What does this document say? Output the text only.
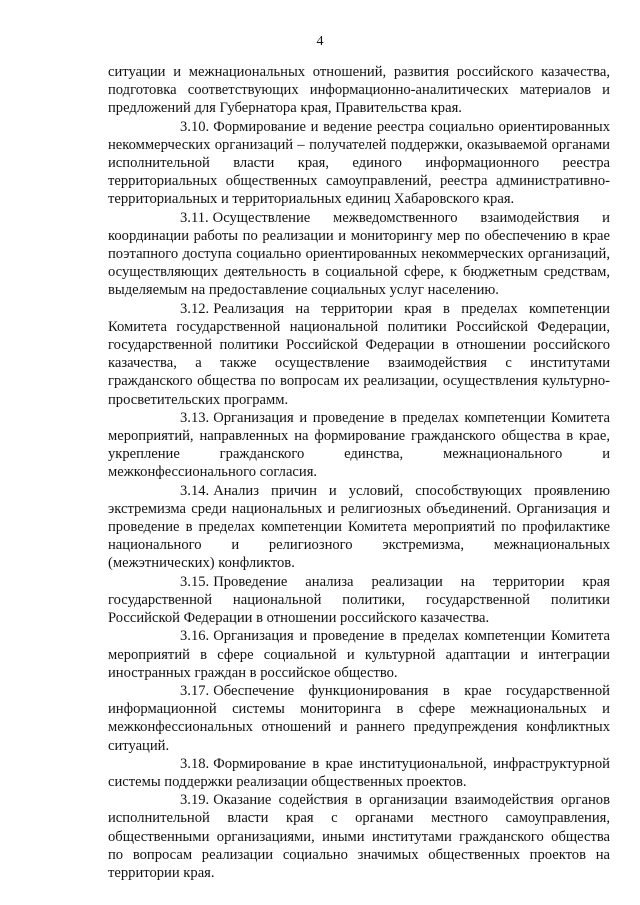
4

ситуации и межнациональных отношений, развития российского казачества, подготовка соответствующих информационно-аналитических материалов и предложений для Губернатора края, Правительства края.

3.10. Формирование и ведение реестра социально ориентированных некоммерческих организаций – получателей поддержки, оказываемой органами исполнительной власти края, единого информационного реестра территориальных общественных самоуправлений, реестра административно-территориальных и территориальных единиц Хабаровского края.

3.11. Осуществление межведомственного взаимодействия и координации работы по реализации и мониторингу мер по обеспечению в крае поэтапного доступа социально ориентированных некоммерческих организаций, осуществляющих деятельность в социальной сфере, к бюджетным средствам, выделяемым на предоставление социальных услуг населению.

3.12. Реализация на территории края в пределах компетенции Комитета государственной национальной политики Российской Федерации, государственной политики Российской Федерации в отношении российского казачества, а также осуществление взаимодействия с институтами гражданского общества по вопросам их реализации, осуществления культурно-просветительских программ.

3.13. Организация и проведение в пределах компетенции Комитета мероприятий, направленных на формирование гражданского общества в крае, укрепление гражданского единства, межнационального и межконфессионального согласия.

3.14. Анализ причин и условий, способствующих проявлению экстремизма среди национальных и религиозных объединений. Организация и проведение в пределах компетенции Комитета мероприятий по профилактике национального и религиозного экстремизма, межнациональных (межэтнических) конфликтов.

3.15. Проведение анализа реализации на территории края государственной национальной политики, государственной политики Российской Федерации в отношении российского казачества.

3.16. Организация и проведение в пределах компетенции Комитета мероприятий в сфере социальной и культурной адаптации и интеграции иностранных граждан в российское общество.

3.17. Обеспечение функционирования в крае государственной информационной системы мониторинга в сфере межнациональных и межконфессиональных отношений и раннего предупреждения конфликтных ситуаций.

3.18. Формирование в крае институциональной, инфраструктурной системы поддержки реализации общественных проектов.

3.19. Оказание содействия в организации взаимодействия органов исполнительной власти края с органами местного самоуправления, общественными организациями, иными институтами гражданского общества по вопросам реализации социально значимых общественных проектов на территории края.
